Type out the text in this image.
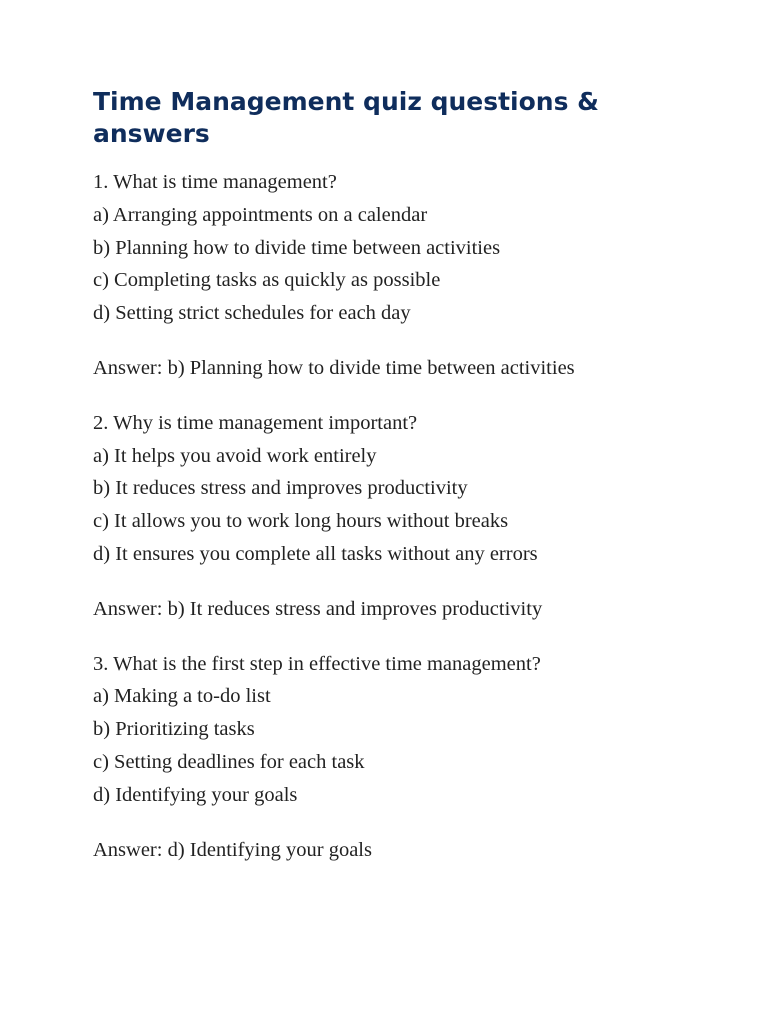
Time Management quiz questions & answers
1. What is time management?
a) Arranging appointments on a calendar
b) Planning how to divide time between activities
c) Completing tasks as quickly as possible
d) Setting strict schedules for each day
Answer: b) Planning how to divide time between activities
2. Why is time management important?
a) It helps you avoid work entirely
b) It reduces stress and improves productivity
c) It allows you to work long hours without breaks
d) It ensures you complete all tasks without any errors
Answer: b) It reduces stress and improves productivity
3. What is the first step in effective time management?
a) Making a to-do list
b) Prioritizing tasks
c) Setting deadlines for each task
d) Identifying your goals
Answer: d) Identifying your goals
